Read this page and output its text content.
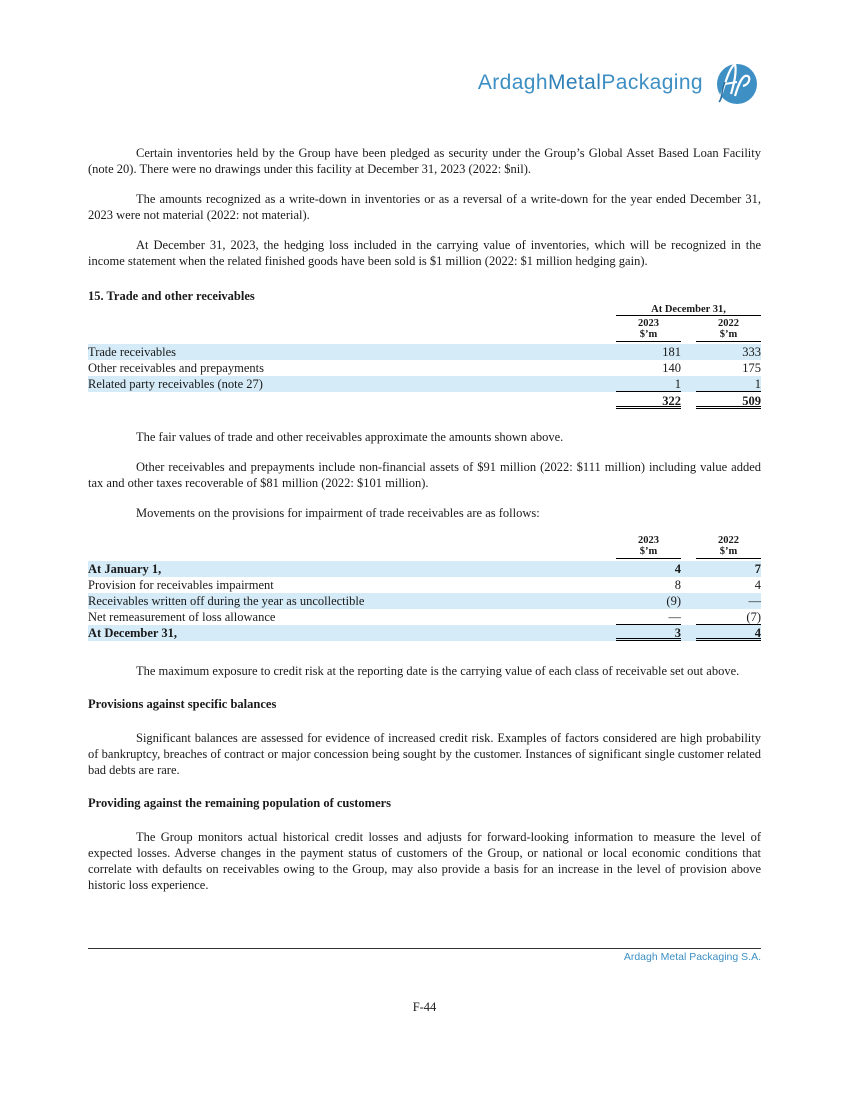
ArdaghMetalPackaging

Certain inventories held by the Group have been pledged as security under the Group’s Global Asset Based Loan Facility (note 20). There were no drawings under this facility at December 31, 2023 (2022: $nil).

The amounts recognized as a write-down in inventories or as a reversal of a write-down for the year ended December 31, 2023 were not material (2022: not material).

At December 31, 2023, the hedging loss included in the carrying value of inventories, which will be recognized in the income statement when the related finished goods have been sold is $1 million (2022: $1 million hedging gain).

15. Trade and other receivables
At December 31,
2023	2022
$’m	$’m
Trade receivables	181	333
Other receivables and prepayments	140	175
Related party receivables (note 27)	1	1
322	509

The fair values of trade and other receivables approximate the amounts shown above.

Other receivables and prepayments include non-financial assets of $91 million (2022: $111 million) including value added tax and other taxes recoverable of $81 million (2022: $101 million).

Movements on the provisions for impairment of trade receivables are as follows:

2023	2022
$’m	$’m
At January 1,	4	7
Provision for receivables impairment	8	4
Receivables written off during the year as uncollectible	(9)	—
Net remeasurement of loss allowance	—	(7)
At December 31,	3	4

The maximum exposure to credit risk at the reporting date is the carrying value of each class of receivable set out above.

Provisions against specific balances

Significant balances are assessed for evidence of increased credit risk. Examples of factors considered are high probability of bankruptcy, breaches of contract or major concession being sought by the customer. Instances of significant single customer related bad debts are rare.

Providing against the remaining population of customers

The Group monitors actual historical credit losses and adjusts for forward-looking information to measure the level of expected losses. Adverse changes in the payment status of customers of the Group, or national or local economic conditions that correlate with defaults on receivables owing to the Group, may also provide a basis for an increase in the level of provision above historic loss experience.

Ardagh Metal Packaging S.A.
F-44
